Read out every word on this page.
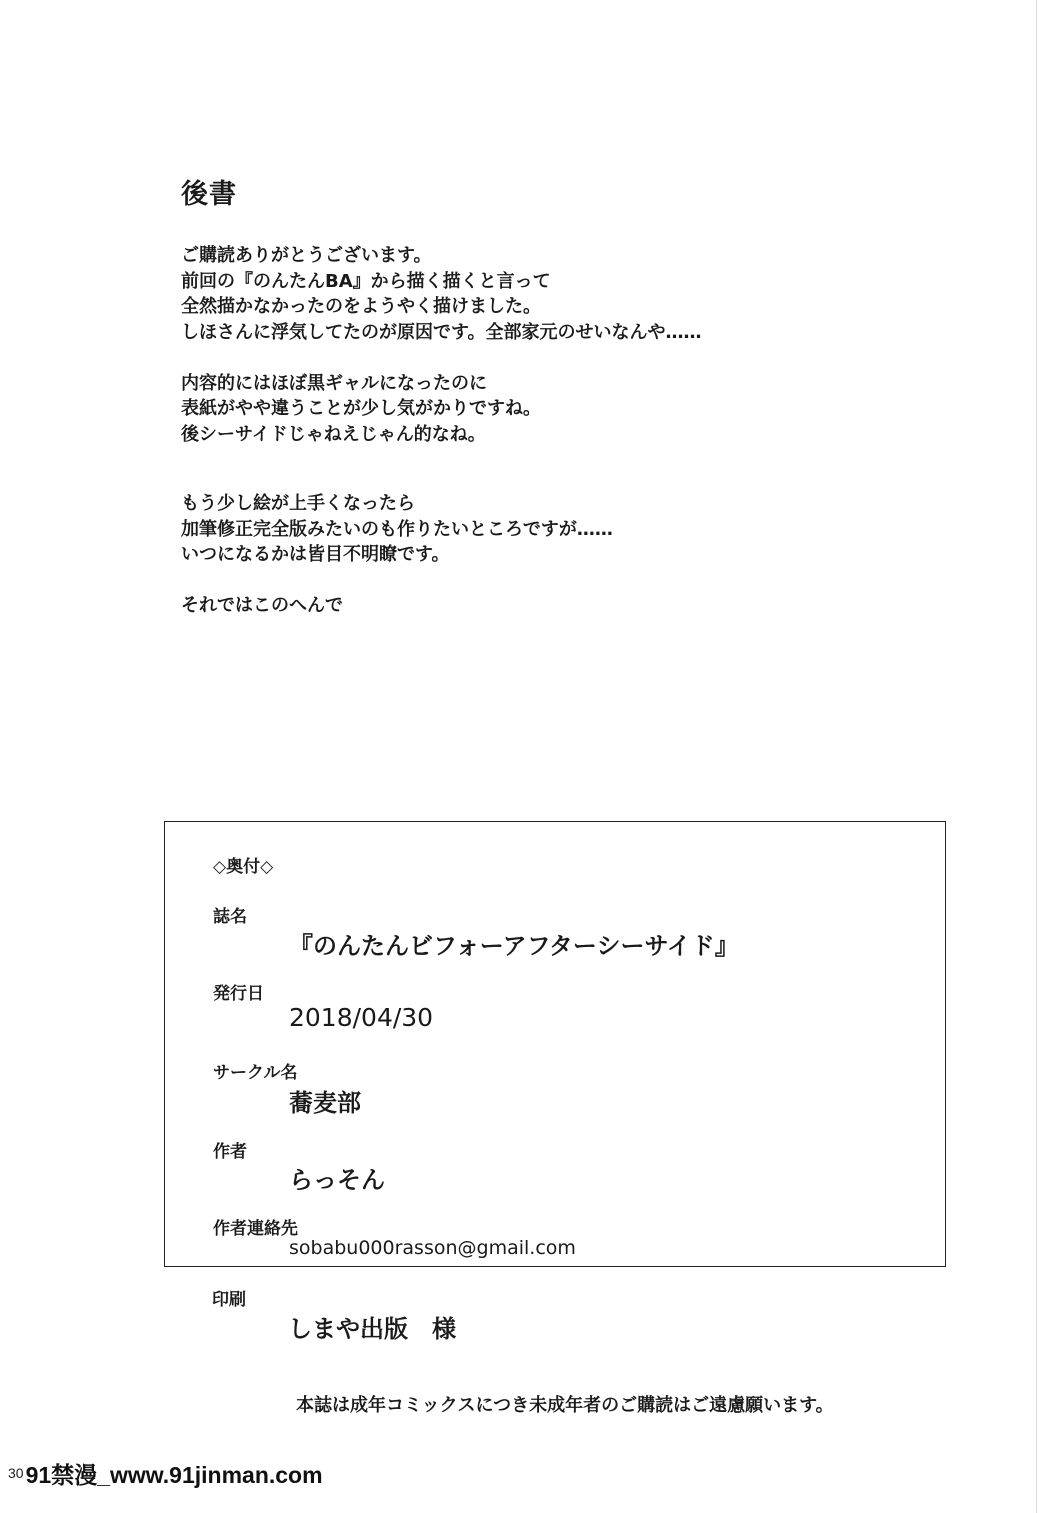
後書
ご購読ありがとうございます。
前回の『のんたんBA』から描く描くと言って
全然描かなかったのをようやく描けました。
しほさんに浮気してたのが原因です。全部家元のせいなんや……
内容的にはほぼ黒ギャルになったのに
表紙がやや違うことが少し気がかりですね。
後シーサイドじゃねえじゃん的なね。
もう少し絵が上手くなったら
加筆修正完全版みたいのも作りたいところですが……
いつになるかは皆目不明瞭です。
それではこのへんで
◇奥付◇
誌名
『のんたんビフォーアフターシーサイド』
発行日
2018/04/30
サークル名
蕎麦部
作者
らっそん
作者連絡先
sobabu000rasson@gmail.com
印刷
しまや出版　様
本誌は成年コミックスにつき未成年者のご購読はご遠慮願います。
30 91禁漫_www.91jinman.com
